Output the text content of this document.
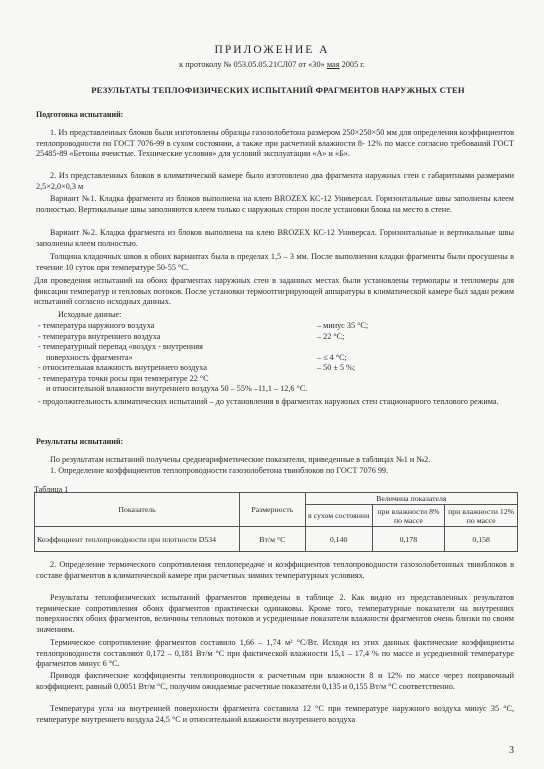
ПРИЛОЖЕНИЕ А
к протоколу № 053.05.05.21СЛ07 от «30» мая 2005 г.
РЕЗУЛЬТАТЫ ТЕПЛОФИЗИЧЕСКИХ ИСПЫТАНИЙ ФРАГМЕНТОВ НАРУЖНЫХ СТЕН
Подготовка испытаний:
1. Из представленных блоков были изготовлены образцы газозолобетона размером 250×250×50 мм для определения коэффициентов теплопроводности по ГОСТ 7076-99 в сухом состоянии, а также при расчетной влажности 8- 12% по массе согласно требований ГОСТ 25485-89 «Бетоны ячеистые. Технические условия» для условий эксплуатации «А» и «Б».
2. Из представленных блоков в климатической камере было изготовлено два фрагмента наружных стен с габаритными размерами 2,5×2,0×0,3 м
Вариант №1. Кладка фрагмента из блоков выполнена на клею BROZEX КС-12 Универсал. Горизонтальные швы заполнены клеем полностью. Вертикальные швы заполняются клеем только с наружных сторон после установки блока на место в стене.
Вариант №2. Кладка фрагмента из блоков выполнена на клею BROZEX КС-12 Универсал. Горизонтальные и вертикальные швы заполнены клеем полностью.
Толщина кладочных швов в обоих вариантах была в пределах 1,5 – 3 мм. После выполнения кладки фрагменты были просушены в течение 10 суток при температуре 50-55 °С.
Для проведения испытаний на обоих фрагментах наружных стен в заданных местах были установлены термопары и тепломеры для фиксации температур и тепловых потоков. После установки термоотгигрирующей аппаратуры в климатической камере был задан режим испытаний согласно исходных данных.
Исходные данные:
- температура наружного воздуха	– минус 35 °С;
- температура внутреннего воздуха	– 22 °С;
- температурный перепад «воздух - внутренняя
поверхность фрагмента»	– ≤ 4 °С;
- относительная влажность внутреннего воздуха	– 50 ± 5 %;
- температура точки росы при температуре 22 °С
и относительной влажности внутреннего воздуха 50 – 55% –11,1 – 12,6 °С.
- продолжительность климатических испытаний – до установления в фрагментах наружных стен стационарного теплового режима.
Результаты испытаний:
По результатам испытаний получены среднеарифметические показатели, приведенные в таблицах №1 и №2.
1. Определение коэффициентов теплопроводности газозолобетона твинблоков по ГОСТ 7076 99.
Таблица 1
Показатель	Размерность	Величина показателя		
		в сухом состоянии	при влажности 8% по массе	при влажности 12% по массе
Коэффициент теплопроводности при плотности D534	Вт/м °С	0,140	0,178	0,158
2. Определение термического сопротивления теплопередаче и коэффициентов теплопроводности газозолобетонных твинблоков в составе фрагментов в климатической камере при расчетных зимних температурных условиях.
Результаты теплофизических испытаний фрагментов приведены в таблице 2. Как видно из представленных результатов термические сопротивления обоих фрагментов практически одинаковы. Кроме того, температурные показатели на внутренних поверхностях обоих фрагментов, величины тепловых потоков и усредненные показатели влажности фрагментов очень близки по своим значениям.
Термическое сопротивление фрагментов составило 1,66 – 1,74 м² °С/Вт. Исходя из этих данных фактические коэффициенты теплопроводности составляют 0,172 – 0,181 Вт/м °С при фактической влажности 15,1 – 17,4 % по массе и усредненной температуре фрагментов минус 6 °С.
Приводя фактические коэффициенты теплопроводности к расчетным при влажности 8 и 12% по массе через поправочный коэффициент, равный 0,0051 Вт/м °С, получим ожидаемые расчетные показатели 0,135 и 0,155 Вт/м °С соответственно.
Температура угла на внутренней поверхности фрагмента составила 12 °С при температуре наружного воздуха минус 35 °С, температуре внутреннего воздуха 24,5 °С и относительной влажности внутреннего воздуха
3
